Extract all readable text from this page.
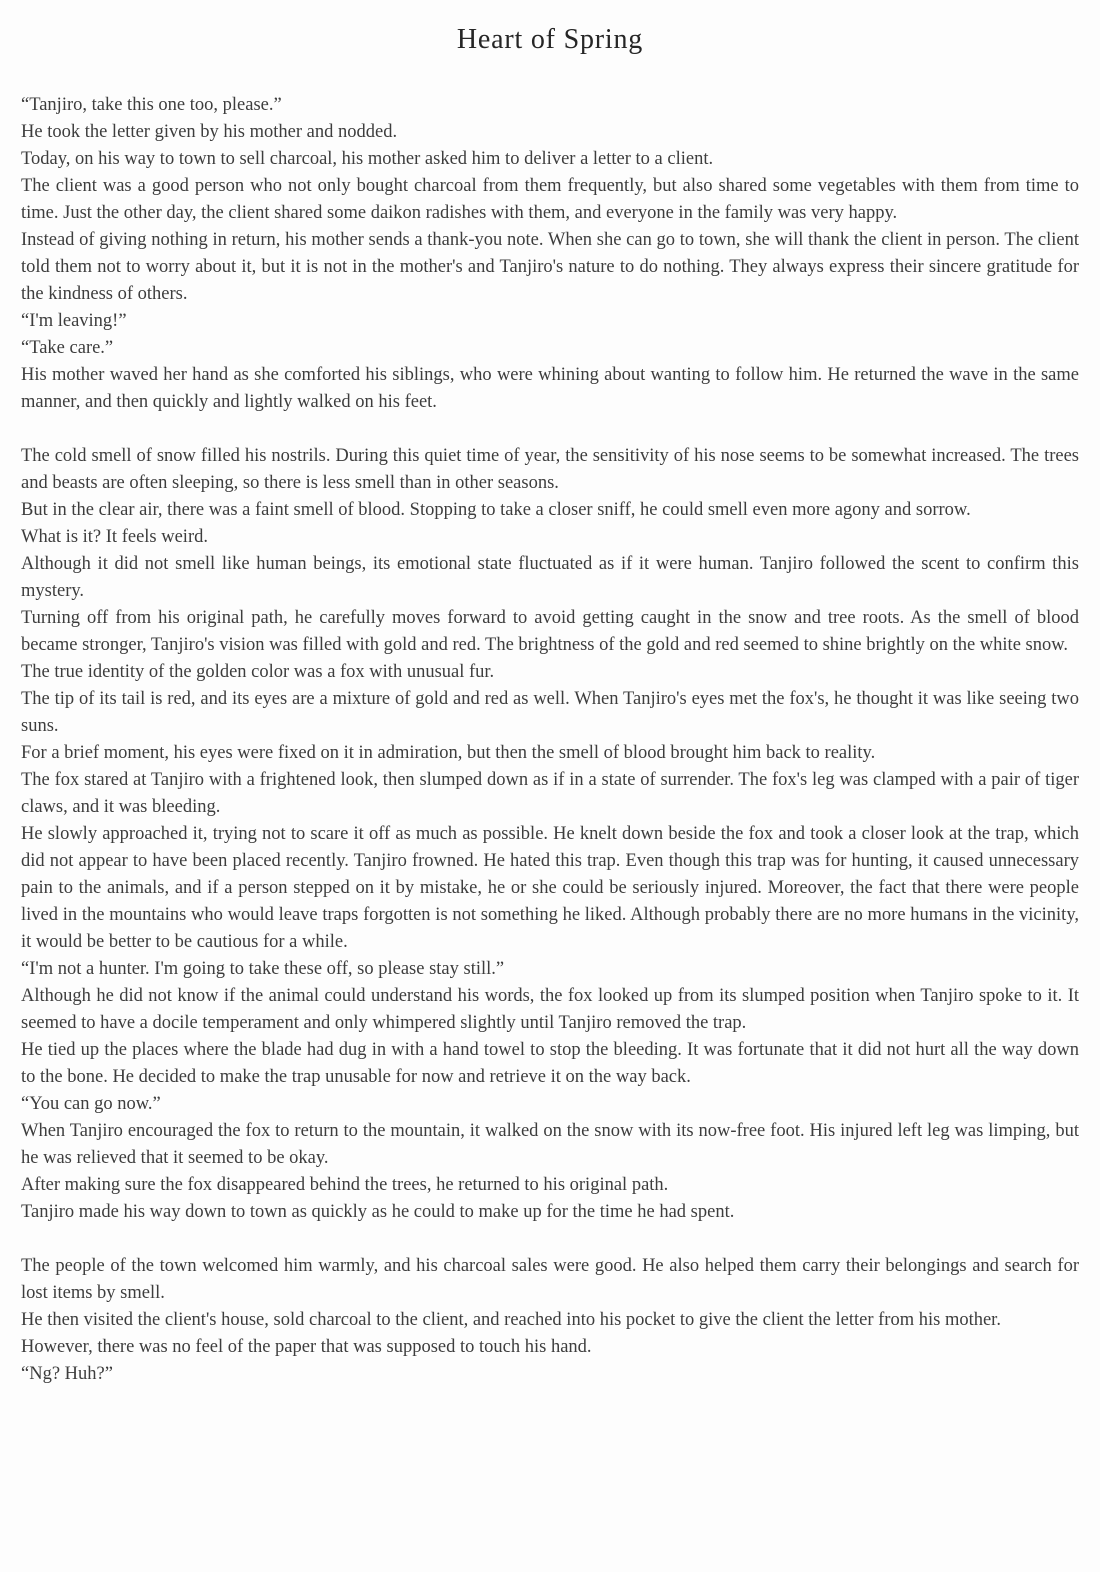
Heart of Spring

“Tanjiro, take this one too, please.”

He took the letter given by his mother and nodded.

Today, on his way to town to sell charcoal, his mother asked him to deliver a letter to a client.

The client was a good person who not only bought charcoal from them frequently, but also shared some vegetables with them from time to time. Just the other day, the client shared some daikon radishes with them, and everyone in the family was very happy.

Instead of giving nothing in return, his mother sends a thank-you note. When she can go to town, she will thank the client in person. The client told them not to worry about it, but it is not in the mother's and Tanjiro's nature to do nothing. They always express their sincere gratitude for the kindness of others.

“I'm leaving!”

“Take care.”

His mother waved her hand as she comforted his siblings, who were whining about wanting to follow him. He returned the wave in the same manner, and then quickly and lightly walked on his feet.

The cold smell of snow filled his nostrils. During this quiet time of year, the sensitivity of his nose seems to be somewhat increased. The trees and beasts are often sleeping, so there is less smell than in other seasons.

But in the clear air, there was a faint smell of blood. Stopping to take a closer sniff, he could smell even more agony and sorrow.

What is it? It feels weird.

Although it did not smell like human beings, its emotional state fluctuated as if it were human. Tanjiro followed the scent to confirm this mystery.

Turning off from his original path, he carefully moves forward to avoid getting caught in the snow and tree roots. As the smell of blood became stronger, Tanjiro's vision was filled with gold and red. The brightness of the gold and red seemed to shine brightly on the white snow.

The true identity of the golden color was a fox with unusual fur.

The tip of its tail is red, and its eyes are a mixture of gold and red as well. When Tanjiro's eyes met the fox's, he thought it was like seeing two suns.

For a brief moment, his eyes were fixed on it in admiration, but then the smell of blood brought him back to reality.

The fox stared at Tanjiro with a frightened look, then slumped down as if in a state of surrender. The fox's leg was clamped with a pair of tiger claws, and it was bleeding.

He slowly approached it, trying not to scare it off as much as possible. He knelt down beside the fox and took a closer look at the trap, which did not appear to have been placed recently. Tanjiro frowned. He hated this trap. Even though this trap was for hunting, it caused unnecessary pain to the animals, and if a person stepped on it by mistake, he or she could be seriously injured. Moreover, the fact that there were people lived in the mountains who would leave traps forgotten is not something he liked. Although probably there are no more humans in the vicinity, it would be better to be cautious for a while.

“I'm not a hunter. I'm going to take these off, so please stay still.”

Although he did not know if the animal could understand his words, the fox looked up from its slumped position when Tanjiro spoke to it. It seemed to have a docile temperament and only whimpered slightly until Tanjiro removed the trap.

He tied up the places where the blade had dug in with a hand towel to stop the bleeding. It was fortunate that it did not hurt all the way down to the bone. He decided to make the trap unusable for now and retrieve it on the way back.

“You can go now.”

When Tanjiro encouraged the fox to return to the mountain, it walked on the snow with its now-free foot. His injured left leg was limping, but he was relieved that it seemed to be okay.

After making sure the fox disappeared behind the trees, he returned to his original path.

Tanjiro made his way down to town as quickly as he could to make up for the time he had spent.

The people of the town welcomed him warmly, and his charcoal sales were good. He also helped them carry their belongings and search for lost items by smell.

He then visited the client's house, sold charcoal to the client, and reached into his pocket to give the client the letter from his mother.

However, there was no feel of the paper that was supposed to touch his hand.

“Ng? Huh?”
